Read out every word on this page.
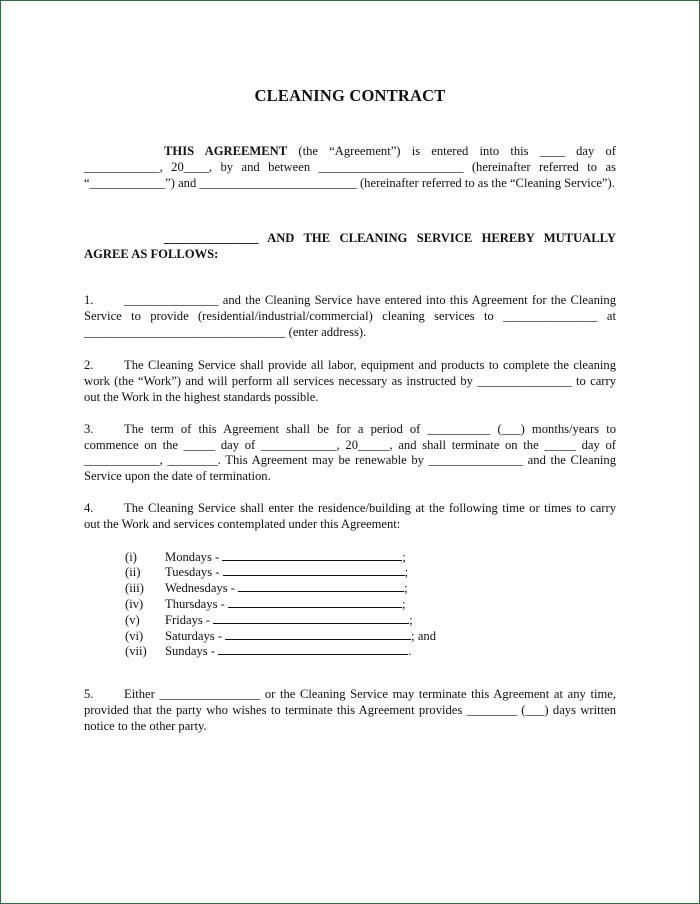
CLEANING CONTRACT
THIS AGREEMENT (the “Agreement”) is entered into this ____ day of ____________, 20____, by and between _______________________ (hereinafter referred to as “____________”) and _________________________ (hereinafter referred to as the “Cleaning Service”).
_______________ AND THE CLEANING SERVICE HEREBY MUTUALLY AGREE AS FOLLOWS:
1. _______________ and the Cleaning Service have entered into this Agreement for the Cleaning Service to provide (residential/industrial/commercial) cleaning services to _______________ at ________________________________ (enter address).
2. The Cleaning Service shall provide all labor, equipment and products to complete the cleaning work (the “Work”) and will perform all services necessary as instructed by _______________ to carry out the Work in the highest standards possible.
3. The term of this Agreement shall be for a period of __________ (___) months/years to commence on the _____ day of ____________, 20_____, and shall terminate on the _____ day of ____________, ________. This Agreement may be renewable by _______________ and the Cleaning Service upon the date of termination.
4. The Cleaning Service shall enter the residence/building at the following time or times to carry out the Work and services contemplated under this Agreement:
(i) Mondays -	;
(ii) Tuesdays -	;
(iii) Wednesdays -	;
(iv) Thursdays -	;
(v) Fridays -	;
(vi) Saturdays -	; and
(vii) Sundays -	.
5. Either ________________ or the Cleaning Service may terminate this Agreement at any time, provided that the party who wishes to terminate this Agreement provides ________ (___) days written notice to the other party.
